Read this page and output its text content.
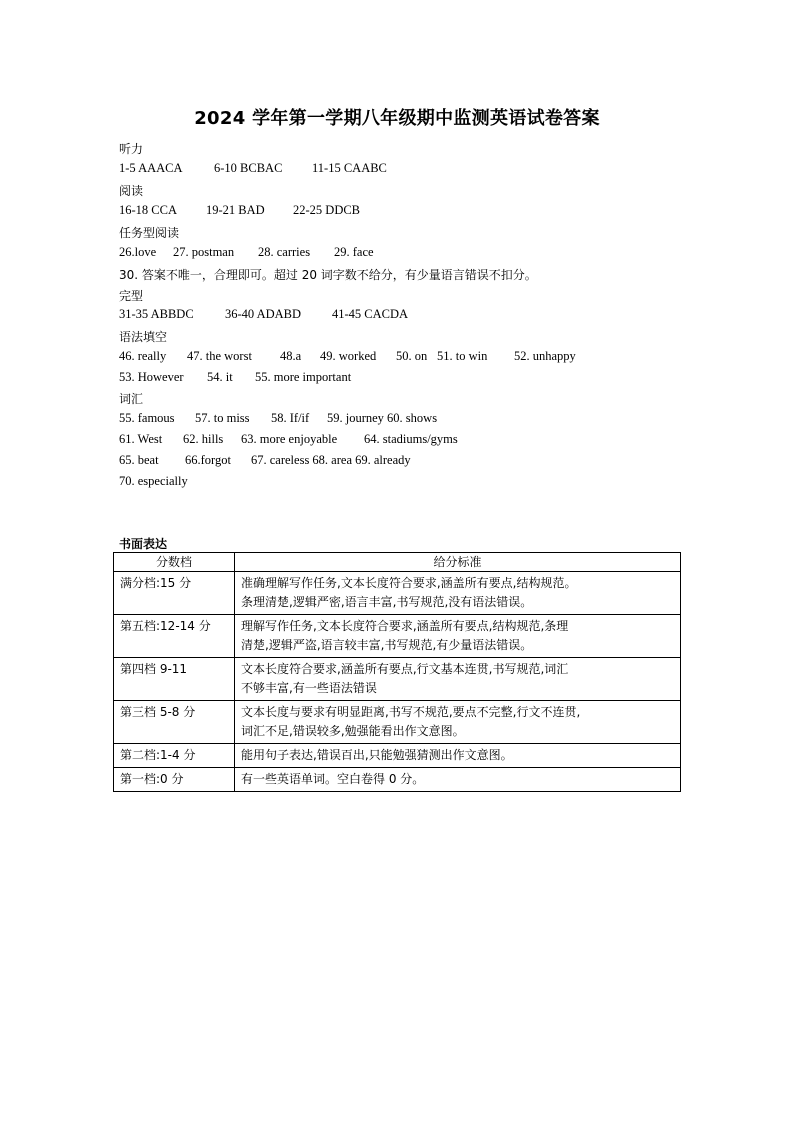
2024 学年第一学期八年级期中监测英语试卷答案
听力
1-5 AAACA	6-10 BCBAC 11-15 CAABC
阅读
16-18 CCA 19-21 BAD 22-25 DDCB
任务型阅读
26.love 27. postman 28. carries 29. face
30. 答案不唯一，合理即可。超过 20 词字数不给分，有少量语言错误不扣分。
完型
31-35 ABBDC	36-40 ADABD 41-45 CACDA
语法填空
46. really 47. the worst 48.a 49. worked 50. on 51. to win 52. unhappy
53. However 54. it 55. more important
词汇
55. famous 57. to miss 58. If/if 59. journey 60. shows
61. West 62. hills 63. more enjoyable 64. stadiums/gyms
65. beat 66.forgot 67. careless 68. area 69. already
70. especially
书面表达
分数档	给分标准
满分档:15 分	准确理解写作任务,文本长度符合要求,涵盖所有要点,结构规范。
条理清楚,逻辑严密,语言丰富,书写规范,没有语法错误。

第五档:12-14 分	理解写作任务,文本长度符合要求,涵盖所有要点,结构规范,条理
清楚,逻辑严盗,语言较丰富,书写规范,有少量语法错误。

第四档 9-11	文本长度符合要求,涵盖所有要点,行文基本连贯,书写规范,词汇
不够丰富,有一些语法错误

第三档 5-8 分	文本长度与要求有明显距离,书写不规范,要点不完整,行文不连贯,
词汇不足,错误较多,勉强能看出作文意图。

第二档:1-4 分	能用句子表达,错误百出,只能勉强猜测出作文意图。

第一档:0 分	有一些英语单词。空白卷得 0 分。
